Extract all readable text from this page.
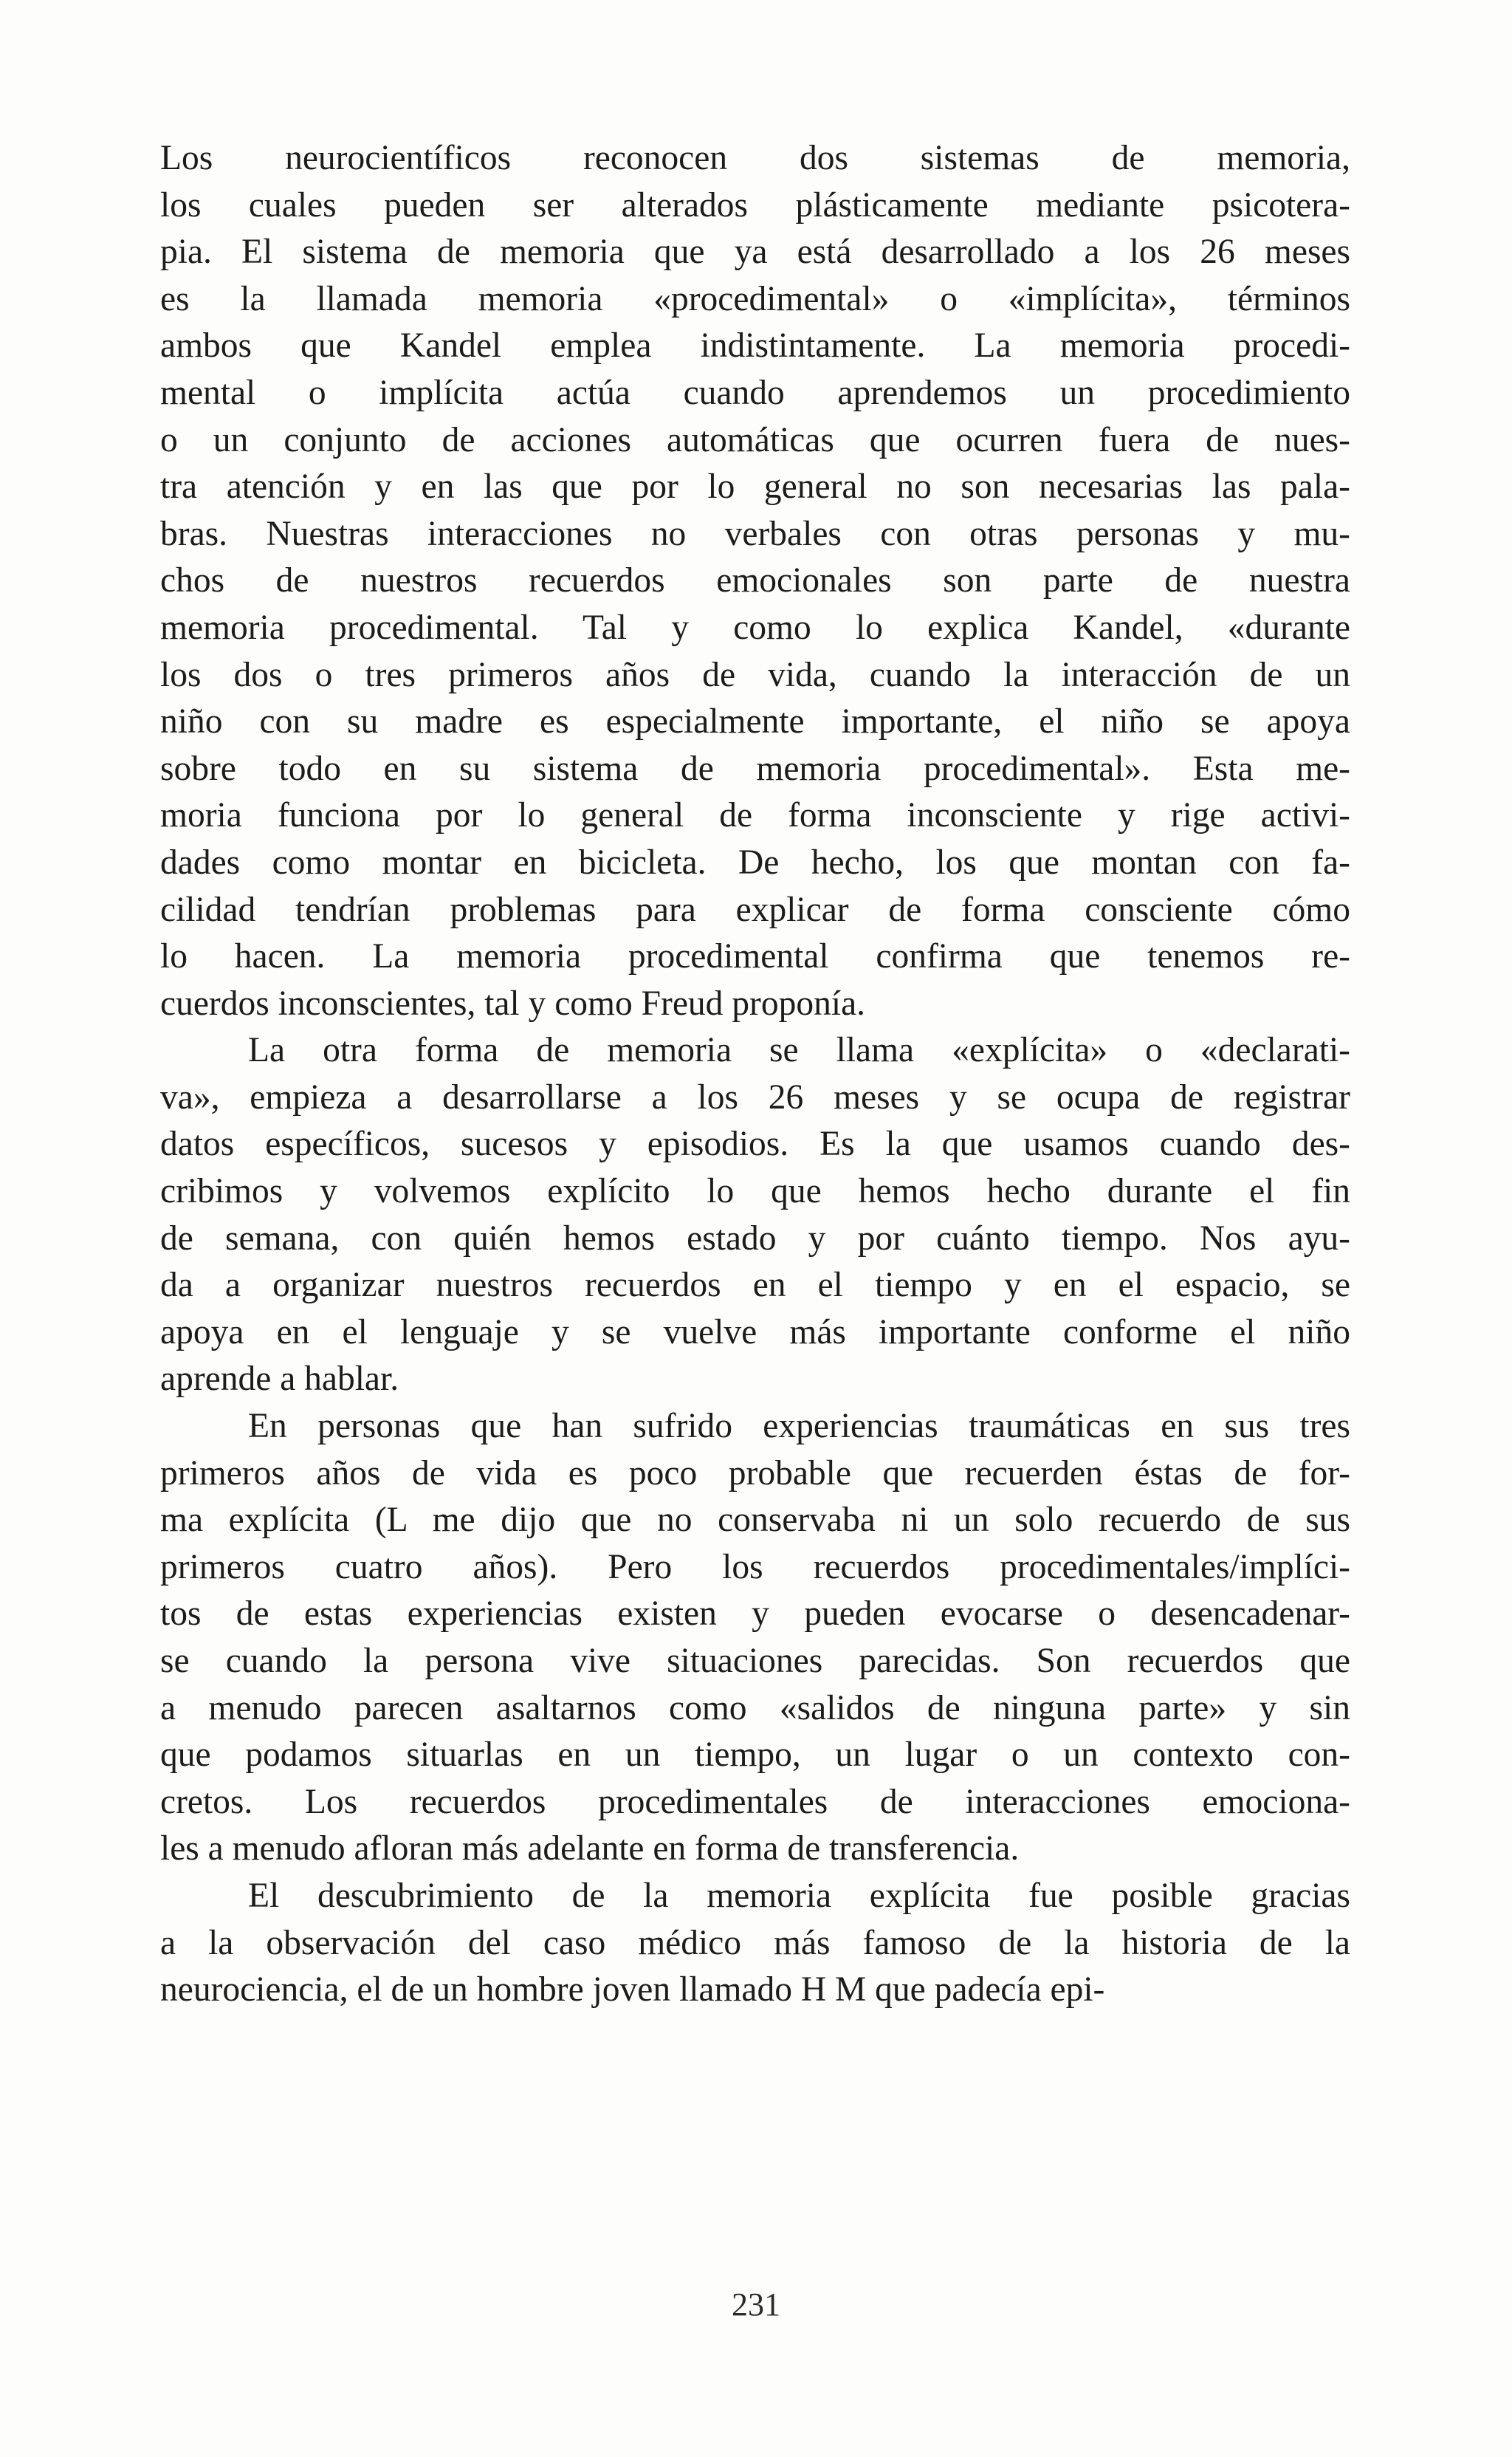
Los neurocientíficos reconocen dos sistemas de memoria,
los cuales pueden ser alterados plásticamente mediante psicotera-
pia. El sistema de memoria que ya está desarrollado a los 26 meses
es la llamada memoria «procedimental» o «implícita», términos
ambos que Kandel emplea indistintamente. La memoria procedi-
mental o implícita actúa cuando aprendemos un procedimiento
o un conjunto de acciones automáticas que ocurren fuera de nues-
tra atención y en las que por lo general no son necesarias las pala-
bras. Nuestras interacciones no verbales con otras personas y mu-
chos de nuestros recuerdos emocionales son parte de nuestra
memoria procedimental. Tal y como lo explica Kandel, «durante
los dos o tres primeros años de vida, cuando la interacción de un
niño con su madre es especialmente importante, el niño se apoya
sobre todo en su sistema de memoria procedimental». Esta me-
moria funciona por lo general de forma inconsciente y rige activi-
dades como montar en bicicleta. De hecho, los que montan con fa-
cilidad tendrían problemas para explicar de forma consciente cómo
lo hacen. La memoria procedimental confirma que tenemos re-
cuerdos inconscientes, tal y como Freud proponía.

La otra forma de memoria se llama «explícita» o «declarati-
va», empieza a desarrollarse a los 26 meses y se ocupa de registrar
datos específicos, sucesos y episodios. Es la que usamos cuando des-
cribimos y volvemos explícito lo que hemos hecho durante el fin
de semana, con quién hemos estado y por cuánto tiempo. Nos ayu-
da a organizar nuestros recuerdos en el tiempo y en el espacio, se
apoya en el lenguaje y se vuelve más importante conforme el niño
aprende a hablar.

En personas que han sufrido experiencias traumáticas en sus tres
primeros años de vida es poco probable que recuerden éstas de for-
ma explícita (L me dijo que no conservaba ni un solo recuerdo de sus
primeros cuatro años). Pero los recuerdos procedimentales/implíci-
tos de estas experiencias existen y pueden evocarse o desencadenar-
se cuando la persona vive situaciones parecidas. Son recuerdos que
a menudo parecen asaltarnos como «salidos de ninguna parte» y sin
que podamos situarlas en un tiempo, un lugar o un contexto con-
cretos. Los recuerdos procedimentales de interacciones emociona-
les a menudo afloran más adelante en forma de transferencia.

El descubrimiento de la memoria explícita fue posible gracias
a la observación del caso médico más famoso de la historia de la
neurociencia, el de un hombre joven llamado H M que padecía epi-

231
